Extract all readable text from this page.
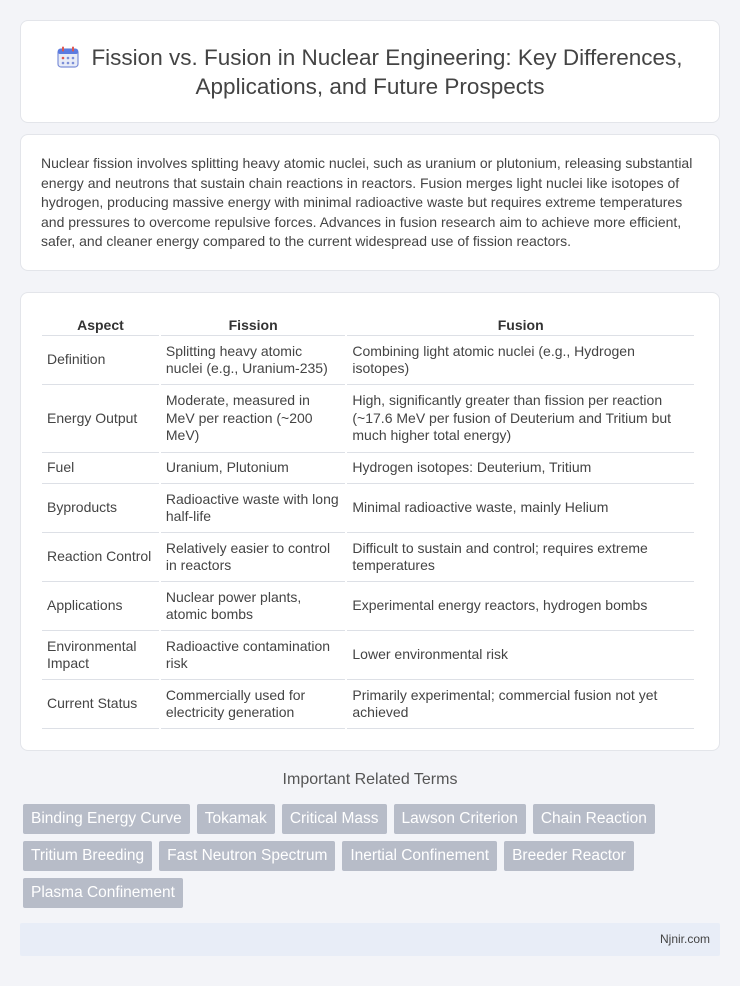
Fission vs. Fusion in Nuclear Engineering: Key Differences, Applications, and Future Prospects

Nuclear fission involves splitting heavy atomic nuclei, such as uranium or plutonium, releasing substantial energy and neutrons that sustain chain reactions in reactors. Fusion merges light nuclei like isotopes of hydrogen, producing massive energy with minimal radioactive waste but requires extreme temperatures and pressures to overcome repulsive forces. Advances in fusion research aim to achieve more efficient, safer, and cleaner energy compared to the current widespread use of fission reactors.

Aspect	Fission	Fusion
Definition	Splitting heavy atomic nuclei (e.g., Uranium-235)	Combining light atomic nuclei (e.g., Hydrogen isotopes)
Energy Output	Moderate, measured in MeV per reaction (~200 MeV)	High, significantly greater than fission per reaction (~17.6 MeV per fusion of Deuterium and Tritium but much higher total energy)
Fuel	Uranium, Plutonium	Hydrogen isotopes: Deuterium, Tritium
Byproducts	Radioactive waste with long half-life	Minimal radioactive waste, mainly Helium
Reaction Control	Relatively easier to control in reactors	Difficult to sustain and control; requires extreme temperatures
Applications	Nuclear power plants, atomic bombs	Experimental energy reactors, hydrogen bombs
Environmental Impact	Radioactive contamination risk	Lower environmental risk
Current Status	Commercially used for electricity generation	Primarily experimental; commercial fusion not yet achieved
Important Related Terms
Binding Energy Curve	Tokamak	Critical Mass	Lawson Criterion	Chain Reaction
Tritium Breeding	Fast Neutron Spectrum	Inertial Confinement	Breeder Reactor
Plasma Confinement
Njnir.com
